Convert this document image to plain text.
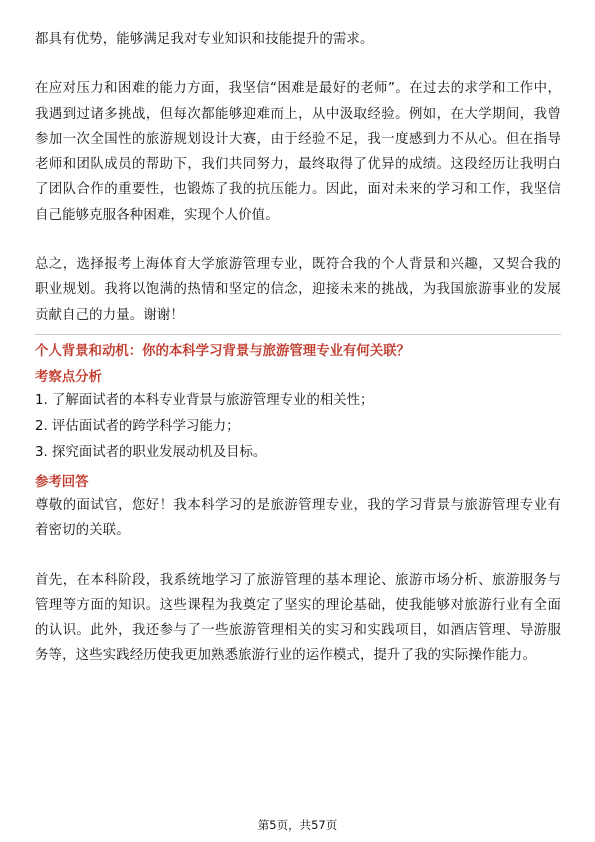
都具有优势，能够满足我对专业知识和技能提升的需求。

在应对压力和困难的能力方面，我坚信“困难是最好的老师”。在过去的求学和工作中，我遇到过诸多挑战，但每次都能够迎难而上，从中汲取经验。例如，在大学期间，我曾参加一次全国性的旅游规划设计大赛，由于经验不足，我一度感到力不从心。但在指导老师和团队成员的帮助下，我们共同努力，最终取得了优异的成绩。这段经历让我明白了团队合作的重要性，也锻炼了我的抗压能力。因此，面对未来的学习和工作，我坚信自己能够克服各种困难，实现个人价值。

总之，选择报考上海体育大学旅游管理专业，既符合我的个人背景和兴趣，又契合我的职业规划。我将以饱满的热情和坚定的信念，迎接未来的挑战，为我国旅游事业的发展贡献自己的力量。谢谢！

个人背景和动机：你的本科学习背景与旅游管理专业有何关联？

考察点分析

1. 了解面试者的本科专业背景与旅游管理专业的相关性；

2. 评估面试者的跨学科学习能力；

3. 探究面试者的职业发展动机及目标。

参考回答

尊敬的面试官，您好！我本科学习的是旅游管理专业，我的学习背景与旅游管理专业有着密切的关联。

首先，在本科阶段，我系统地学习了旅游管理的基本理论、旅游市场分析、旅游服务与管理等方面的知识。这些课程为我奠定了坚实的理论基础，使我能够对旅游行业有全面的认识。此外，我还参与了一些旅游管理相关的实习和实践项目，如酒店管理、导游服务等，这些实践经历使我更加熟悉旅游行业的运作模式，提升了我的实际操作能力。

第5页，共57页
